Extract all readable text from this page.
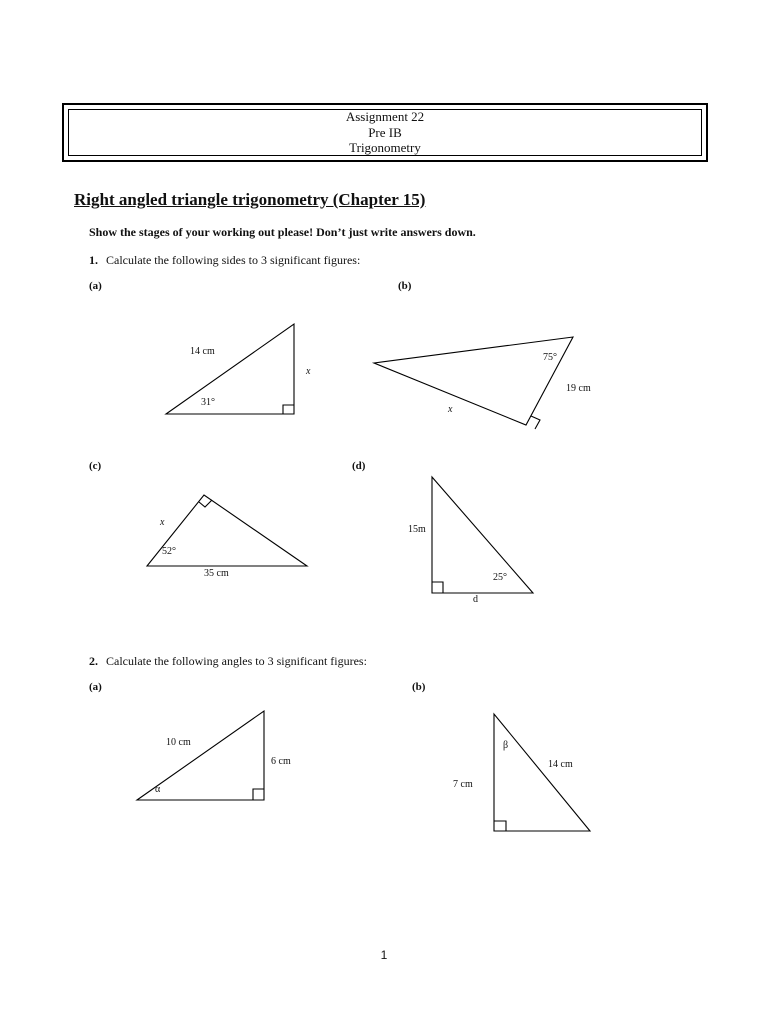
Assignment 22
Pre IB
Trigonometry
Right angled triangle trigonometry (Chapter 15)
Show the stages of your working out please! Don’t just write answers down.
1. Calculate the following sides to 3 significant figures:
(a)	(b)
(c)	(d)
2. Calculate the following angles to 3 significant figures:
(a)	(b)
14 cm
x
31°
75°
19 cm
x
x
52°
35 cm
15m
25°
d
10 cm
6 cm
α
β
14 cm
7 cm
1
